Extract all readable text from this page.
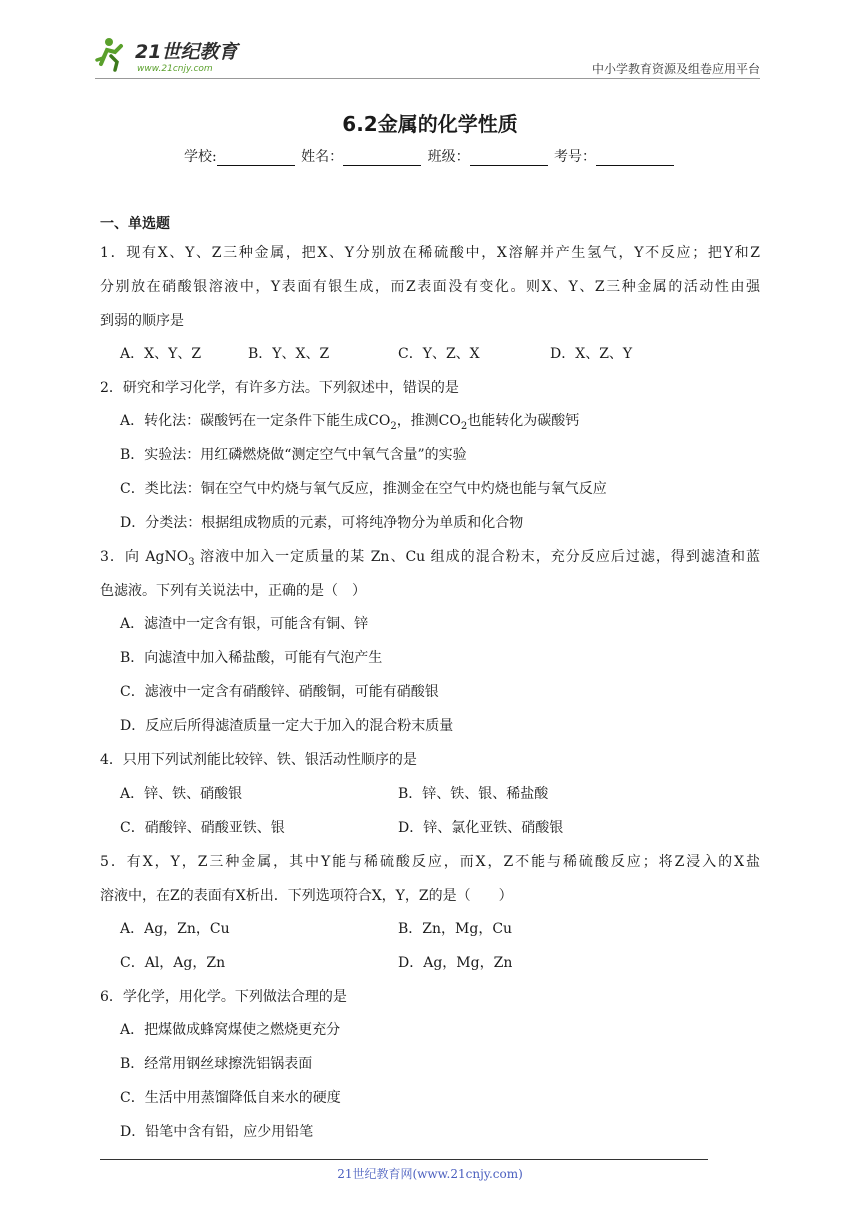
21世纪教育
www.21cnjy.com	中小学教育资源及组卷应用平台
6.2金属的化学性质
学校:	姓名：	班级：	考号：
一、单选题
1．现有X、Y、Z三种金属，把X、Y分别放在稀硫酸中，X溶解并产生氢气，Y不反应；把Y和Z
分别放在硝酸银溶液中，Y表面有银生成，而Z表面没有变化。则X、Y、Z三种金属的活动性由强
到弱的顺序是
A．X、Y、Z	B．Y、X、Z	C．Y、Z、X	D．X、Z、Y
2．研究和学习化学，有许多方法。下列叙述中，错误的是
A．转化法：碳酸钙在一定条件下能生成$CO_2$，推测$CO_2$也能转化为碳酸钙
B．实验法：用红磷燃烧做“测定空气中氧气含量”的实验
C．类比法：铜在空气中灼烧与氧气反应，推测金在空气中灼烧也能与氧气反应
D．分类法：根据组成物质的元素，可将纯净物分为单质和化合物
3．向 AgNO$_3$ 溶液中加入一定质量的某 Zn、Cu 组成的混合粉末，充分反应后过滤，得到滤渣和蓝
色滤液。下列有关说法中，正确的是（　）
A．滤渣中一定含有银，可能含有铜、锌
B．向滤渣中加入稀盐酸，可能有气泡产生
C．滤液中一定含有硝酸锌、硝酸铜，可能有硝酸银
D．反应后所得滤渣质量一定大于加入的混合粉末质量
4．只用下列试剂能比较锌、铁、银活动性顺序的是
A．锌、铁、硝酸银	B．锌、铁、银、稀盐酸
C．硝酸锌、硝酸亚铁、银	D．锌、氯化亚铁、硝酸银
5．有X，Y，Z三种金属，其中Y能与稀硫酸反应，而X，Z不能与稀硫酸反应；将Z浸入的X盐
溶液中，在Z的表面有X析出．下列选项符合X，Y，Z的是（　　）
A．Ag，Zn，Cu	B．Zn，Mg，Cu
C．Al，Ag，Zn	D．Ag，Mg，Zn
6．学化学，用化学。下列做法合理的是
A．把煤做成蜂窝煤使之燃烧更充分
B．经常用钢丝球擦洗铝锅表面
C．生活中用蒸馏降低自来水的硬度
D．铅笔中含有铅，应少用铅笔
21世纪教育网(www.21cnjy.com)
